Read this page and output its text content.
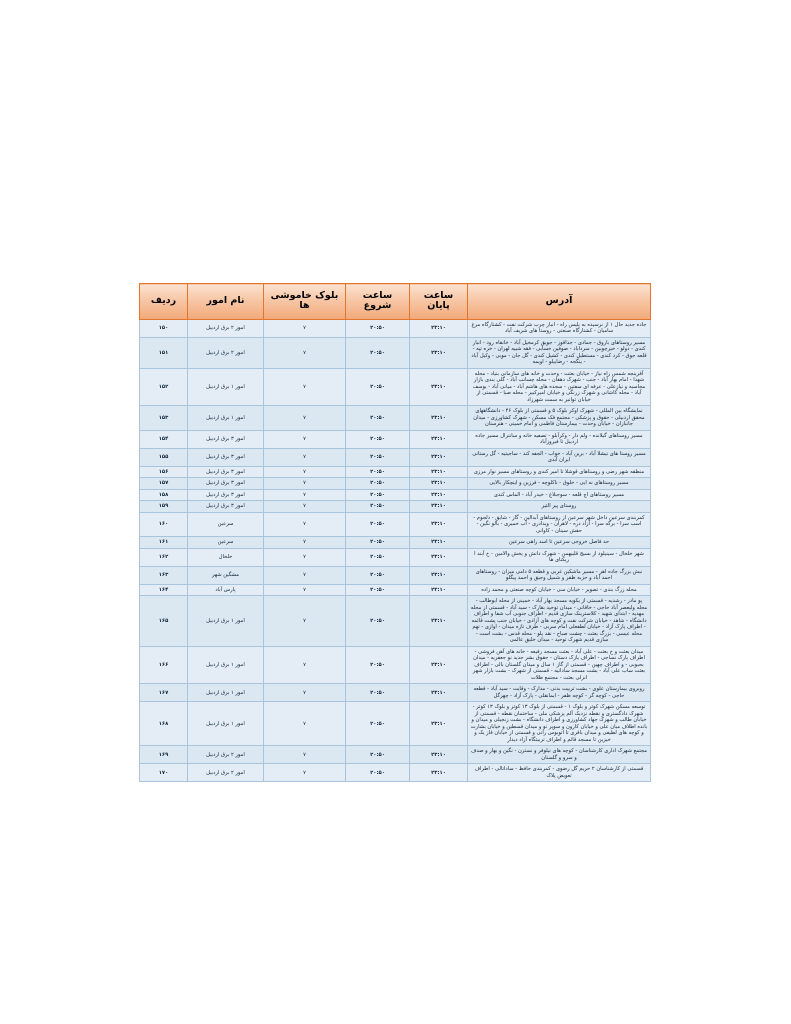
آدرس	ساعت پایان	ساعت شروع	بلوک خاموشی ها	نام امور	ردیف
جاده جدید حال ۱ از نرسیده به پلیس راه - انبار چرب شرکت نفت - کشتارگاه مرغ سامیان - کشتارگاه صنعتی - روستا های شریف آباد	۲۳:۱۰	۲۰:۵۰	۷	امور ۲ برق اردبیل	۱۵۰
مسیر روستاهای باروق - جمادی - جداقوز - جویق کرمخیل آباد - خانقاه رود - انبار کندی - دولو - خیرچوبین - سرداباد - صوفین خسابی - فقه شبیه لهران - خره تپه - قلعه جوق - کرد کندی - مستطیل کندی - کشیل کندی - گل جان - موبی - وکیل آباد - ینگجه - رضاییلو - اویمه	۲۳:۱۰	۲۰:۵۰	۷	امور ۲ برق اردبیل	۱۵۱
آفرینجه شمس راه نیاز - خیابان بعثت - وحدت و خانه های سازمانی بنیاد - محله شهدا - امام بهار آباد - جنب - شهرک دهقان - محله چسانب آباد - گلی بندی بازار مجاسبه و نیازعلی - عرفه ای سفتین - سجده های هاشم آباد - میانی آباد - یوسف آباد - محله کاشانی و شهرک زرنگی و خیابان امیرکبیر - محله صبا - قسمتی از خیابان توانیر به سمت شهرزاد	۲۳:۱۰	۲۰:۵۰	۷	امور ۱ برق اردبیل	۱۵۲
نمایشگاه بین المللی - شهرک اوکر بلوک ۵ و قسمتی از بلوک ۴۶ - دانشگاههای محقق اردبیلی - حقوق و پزشکی - مجتمع فک مسکن - شهرک کشاورزی - میدان جانبازان - خیابان وحدت - بیمارستان فاطمی و امام خمینی - هنرستان	۲۳:۱۰	۲۰:۵۰	۷	امور ۱ برق اردبیل	۱۵۳
مسیر روستاهای گیلانده - ولم دار - وکرآبلو - تصفیه خانه و سانترال مسیر جاده اردبیل تا فیروزآباد	۲۳:۱۰	۲۰:۵۰	۷	امور ۳ برق اردبیل	۱۵۴
مسیر روستا های نیشلا آباد - برین آباد - خواب - الجفه کند - ساجیتیه - گل رستانی ایران آبدی	۲۳:۱۰	۲۰:۵۰	۷	امور ۳ برق اردبیل	۱۵۵
منطقه شهر رضی و روستاهای قوشلا تا امیر کندی و روستاهای مسیر نوار مرزی	۲۳:۱۰	۲۰:۵۰	۷	امور ۳ برق اردبیل	۱۵۶
مسیر روستاهای نه ایی - خلوق - ناکلوچه - فرزین و اینچکار بالایی	۲۳:۱۰	۲۰:۵۰	۷	امور ۳ برق اردبیل	۱۵۷
مسیر روستاهای اچ قلعه - سوجبلاغ - خیدر آباد - الماس کندی	۲۳:۱۰	۲۰:۵۰	۷	امور ۳ برق اردبیل	۱۵۸
روستای پیر الثیر	۲۳:۱۰	۲۰:۵۰	۷	امور ۳ برق اردبیل	۱۵۹
کمربندی سرعین داخل شهر سرعین از روستاهای آبدالین - گاز - شایق - دلجوم - اسب سرا - برگه سرا - آزاد دره - لاهران - ویدادری - آب خمیری - بالو نگین - حفش سینان - کاوانی	۲۳:۱۰	۲۰:۵۰	۷	سرعین	۱۶۰
حد فاصل خروجی سرعین تا اسد راهی سرعین	۲۳:۱۰	۲۰:۵۰	۷	سرعین	۱۶۱
شهر خلخال - سینیلود از بسیج قلیبهمن - شهرک دانش و پخش والامین - خ آبند ا ریکنای ها	۲۳:۱۰	۲۰:۵۰	۷	خلخال	۱۶۲
نبش بزرگ جاده اهر - مسیر ماشکین غربی و قطعه ۵ دامی میزان - روستاهای احمد آباد و حزبه ظفر و شمیل وجیق و احمد پیگلو	۲۳:۱۰	۲۰:۵۰	۷	مشگین شهر	۱۶۳
محله زرگ بندی - تصویر - خیابان سی - خیابان کوچه صنعتی و محمد زاده	۲۳:۱۰	۲۰:۵۰	۷	پارس آباد	۱۶۴
پو مادر - رشدیه - قسمتی از یکویه مسجد بهار آباد - خمینی از محله ابوطالب - محله ولیعصر آباد حاجی - خاقانی - میدان توحید بقارک - سید آباد - قسمتی از محله مهدیه - ابتدای شهید - کلاسترینک سازی قدیم - اطراف جنوبی آب شفا و اطراف دانشگاه - شاهد - خیابان شرکت نفت و کوچه های آزادی - خیابان جنب پشت قائمه - اطراف پارک آزاد - خیابان لطفعلی امام سربی - طرف تازه میدان - اوازی - تهم محله عیسی - بزرگ بعثت - چشت صباح - نقد پلو - محله قدس - بشت است - سازی قدیم شهرک توحید - میدان خلیق عالمی	۲۳:۱۰	۲۰:۵۰	۷	امور ۱ برق اردبیل	۱۶۵
میدان بعثت و خ بعثت - علی آباد - بعثت مسجد رفیعه - خانه های آهن فروشی - اطراف پارک نساجی - اطراف یازک دستان - حقوق بشر جدید نو جعفریه - میدان بحبوبی - و اطراف چهین - قسمتی از گاز ۱ سال و میدان گلستان بالی - اطراف بعثت ساب علی آباد - بشت مسجد ساداتیه - قسمتی از شهرک - بشت بازار شهر انزلی بعثت - مجتمع ظلات	۲۳:۱۰	۲۰:۵۰	۷	امور ۱ برق اردبیل	۱۶۶
روبروی بیمارستان علوی - بشت تربیت بدنی - مدارک - وقایت - سید آباد - قطعه حاجی - کوچه گر - کوچه ظفر - ایمانقلی - پارک آزاد - چهرگل	۲۳:۱۰	۲۰:۵۰	۷	امور ۱ برق اردبیل	۱۶۷
توسعه مسکن شهرک کوثر و بلوک ۱ - قسمتی از بلوک ۱۳ کوثر و بلوک ۱۳ کوثر - شهرک دادگستری و نقطه نزدیک آلم پزشکی ملی - ساختمان نقطه - قسمتی از خیابان طالب و شهرک جهاد کشاورزی و اطراف دانشگاه - بشت زنجیلی و میدان و بانده اطلاف میان علی و خیابان کارون و سوپر نو و میدان قسطین و خیابان بشارت و کوچه های لطیفی و میدان باقری تا اتوبوس رانی و قسمتی از خیابان قاز یک و خیزین تا مسجد قائم و اطراف تربیتگاه آزاد دیدار	۲۳:۱۰	۲۰:۵۰	۷	امور ۱ برق اردبیل	۱۶۸
مجتمع شهرک اداری کارشناسان - کوچه های نیلوفر و نسترن - نگین و بهار و صدف و سرو و گلستان	۲۳:۱۰	۲۰:۵۰	۷	امور ۲ برق اردبیل	۱۶۹
قسمتی از کارشناسان ۲ حریم گل رضوی - کمربندی حافظ - ساداتالی - اطراف تعویض پلاک	۲۳:۱۰	۲۰:۵۰	۷	امور ۲ برق اردبیل	۱۷۰
